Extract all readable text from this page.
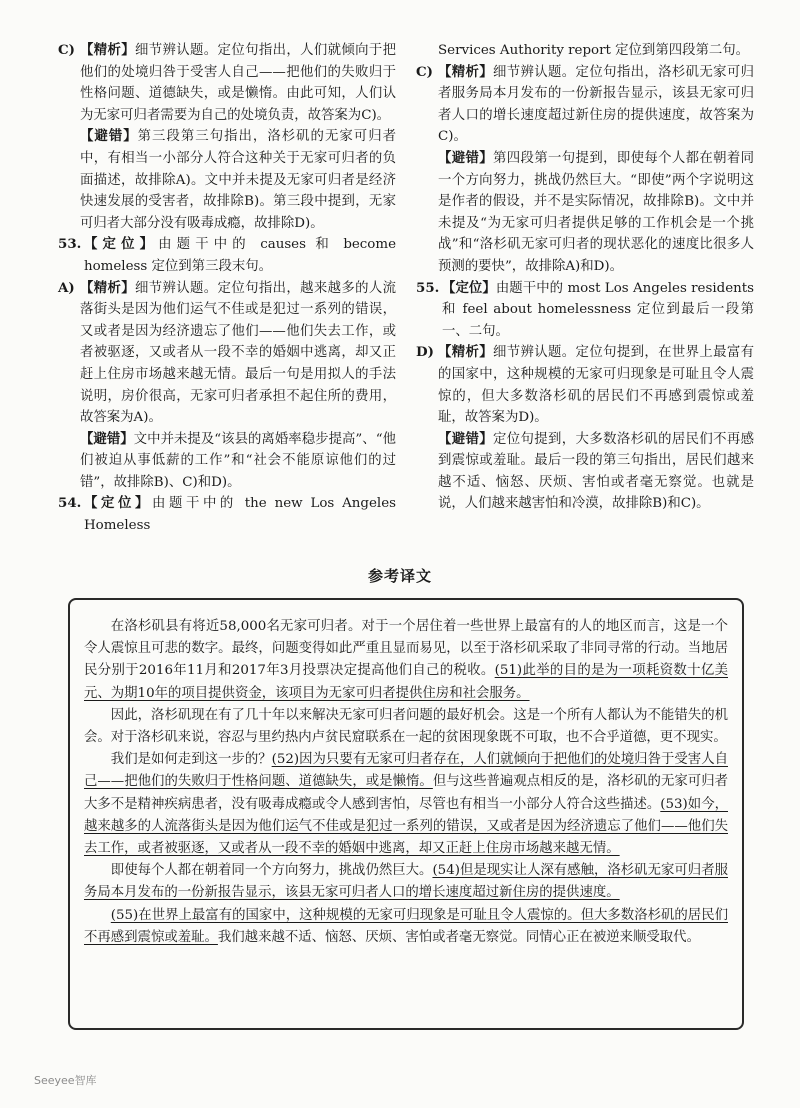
C) 【精析】细节辨认题。定位句指出，人们就倾向于把他们的处境归咎于受害人自己——把他们的失败归于性格问题、道德缺失，或是懒惰。由此可知，人们认为无家可归者需要为自己的处境负责，故答案为C)。

【避错】第三段第三句指出，洛杉矶的无家可归者中，有相当一小部分人符合这种关于无家可归者的负面描述，故排除A)。文中并未提及无家可归者是经济快速发展的受害者，故排除B)。第三段中提到，无家可归者大部分没有吸毒成瘾，故排除D)。

53. 【定位】由题干中的 causes 和 become homeless 定位到第三段末句。

A) 【精析】细节辨认题。定位句指出，越来越多的人流落街头是因为他们运气不佳或是犯过一系列的错误，又或者是因为经济遗忘了他们——他们失去工作，或者被驱逐，又或者从一段不幸的婚姻中逃离，却又正赶上住房市场越来越无情。最后一句是用拟人的手法说明，房价很高，无家可归者承担不起住所的费用，故答案为A)。

【避错】文中并未提及“该县的离婚率稳步提高”、“他们被迫从事低薪的工作”和“社会不能原谅他们的过错”，故排除B)、C)和D)。

54. 【定位】由题干中的 the new Los Angeles Homeless

Services Authority report 定位到第四段第二句。

C) 【精析】细节辨认题。定位句指出，洛杉矶无家可归者服务局本月发布的一份新报告显示，该县无家可归者人口的增长速度超过新住房的提供速度，故答案为C)。

【避错】第四段第一句提到，即使每个人都在朝着同一个方向努力，挑战仍然巨大。“即使”两个字说明这是作者的假设，并不是实际情况，故排除B)。文中并未提及“为无家可归者提供足够的工作机会是一个挑战”和“洛杉矶无家可归者的现状恶化的速度比很多人预测的要快”，故排除A)和D)。

55. 【定位】由题干中的 most Los Angeles residents 和 feel about homelessness 定位到最后一段第一、二句。

D) 【精析】细节辨认题。定位句提到，在世界上最富有的国家中，这种规模的无家可归现象是可耻且令人震惊的，但大多数洛杉矶的居民们不再感到震惊或羞耻，故答案为D)。

【避错】定位句提到，大多数洛杉矶的居民们不再感到震惊或羞耻。最后一段的第三句指出，居民们越来越不适、恼怒、厌烦、害怕或者毫无察觉。也就是说，人们越来越害怕和冷漠，故排除B)和C)。

参考译文

在洛杉矶县有将近58,000名无家可归者。对于一个居住着一些世界上最富有的人的地区而言，这是一个令人震惊且可悲的数字。最终，问题变得如此严重且显而易见，以至于洛杉矶采取了非同寻常的行动。当地居民分别于2016年11月和2017年3月投票决定提高他们自己的税收。(51)此举的目的是为一项耗资数十亿美元、为期10年的项目提供资金，该项目为无家可归者提供住房和社会服务。

因此，洛杉矶现在有了几十年以来解决无家可归者问题的最好机会。这是一个所有人都认为不能错失的机会。对于洛杉矶来说，容忍与里约热内卢贫民窟联系在一起的贫困现象既不可取，也不合乎道德，更不现实。

我们是如何走到这一步的？(52)因为只要有无家可归者存在，人们就倾向于把他们的处境归咎于受害人自己——把他们的失败归于性格问题、道德缺失，或是懒惰。但与这些普遍观点相反的是，洛杉矶的无家可归者大多不是精神疾病患者，没有吸毒成瘾或令人感到害怕，尽管也有相当一小部分人符合这些描述。(53)如今，越来越多的人流落街头是因为他们运气不佳或是犯过一系列的错误，又或者是因为经济遗忘了他们——他们失去工作，或者被驱逐，又或者从一段不幸的婚姻中逃离，却又正赶上住房市场越来越无情。

即使每个人都在朝着同一个方向努力，挑战仍然巨大。(54)但是现实让人深有感触，洛杉矶无家可归者服务局本月发布的一份新报告显示，该县无家可归者人口的增长速度超过新住房的提供速度。

(55)在世界上最富有的国家中，这种规模的无家可归现象是可耻且令人震惊的。但大多数洛杉矶的居民们不再感到震惊或羞耻。我们越来越不适、恼怒、厌烦、害怕或者毫无察觉。同情心正在被逆来顺受取代。

Seeyee智库
